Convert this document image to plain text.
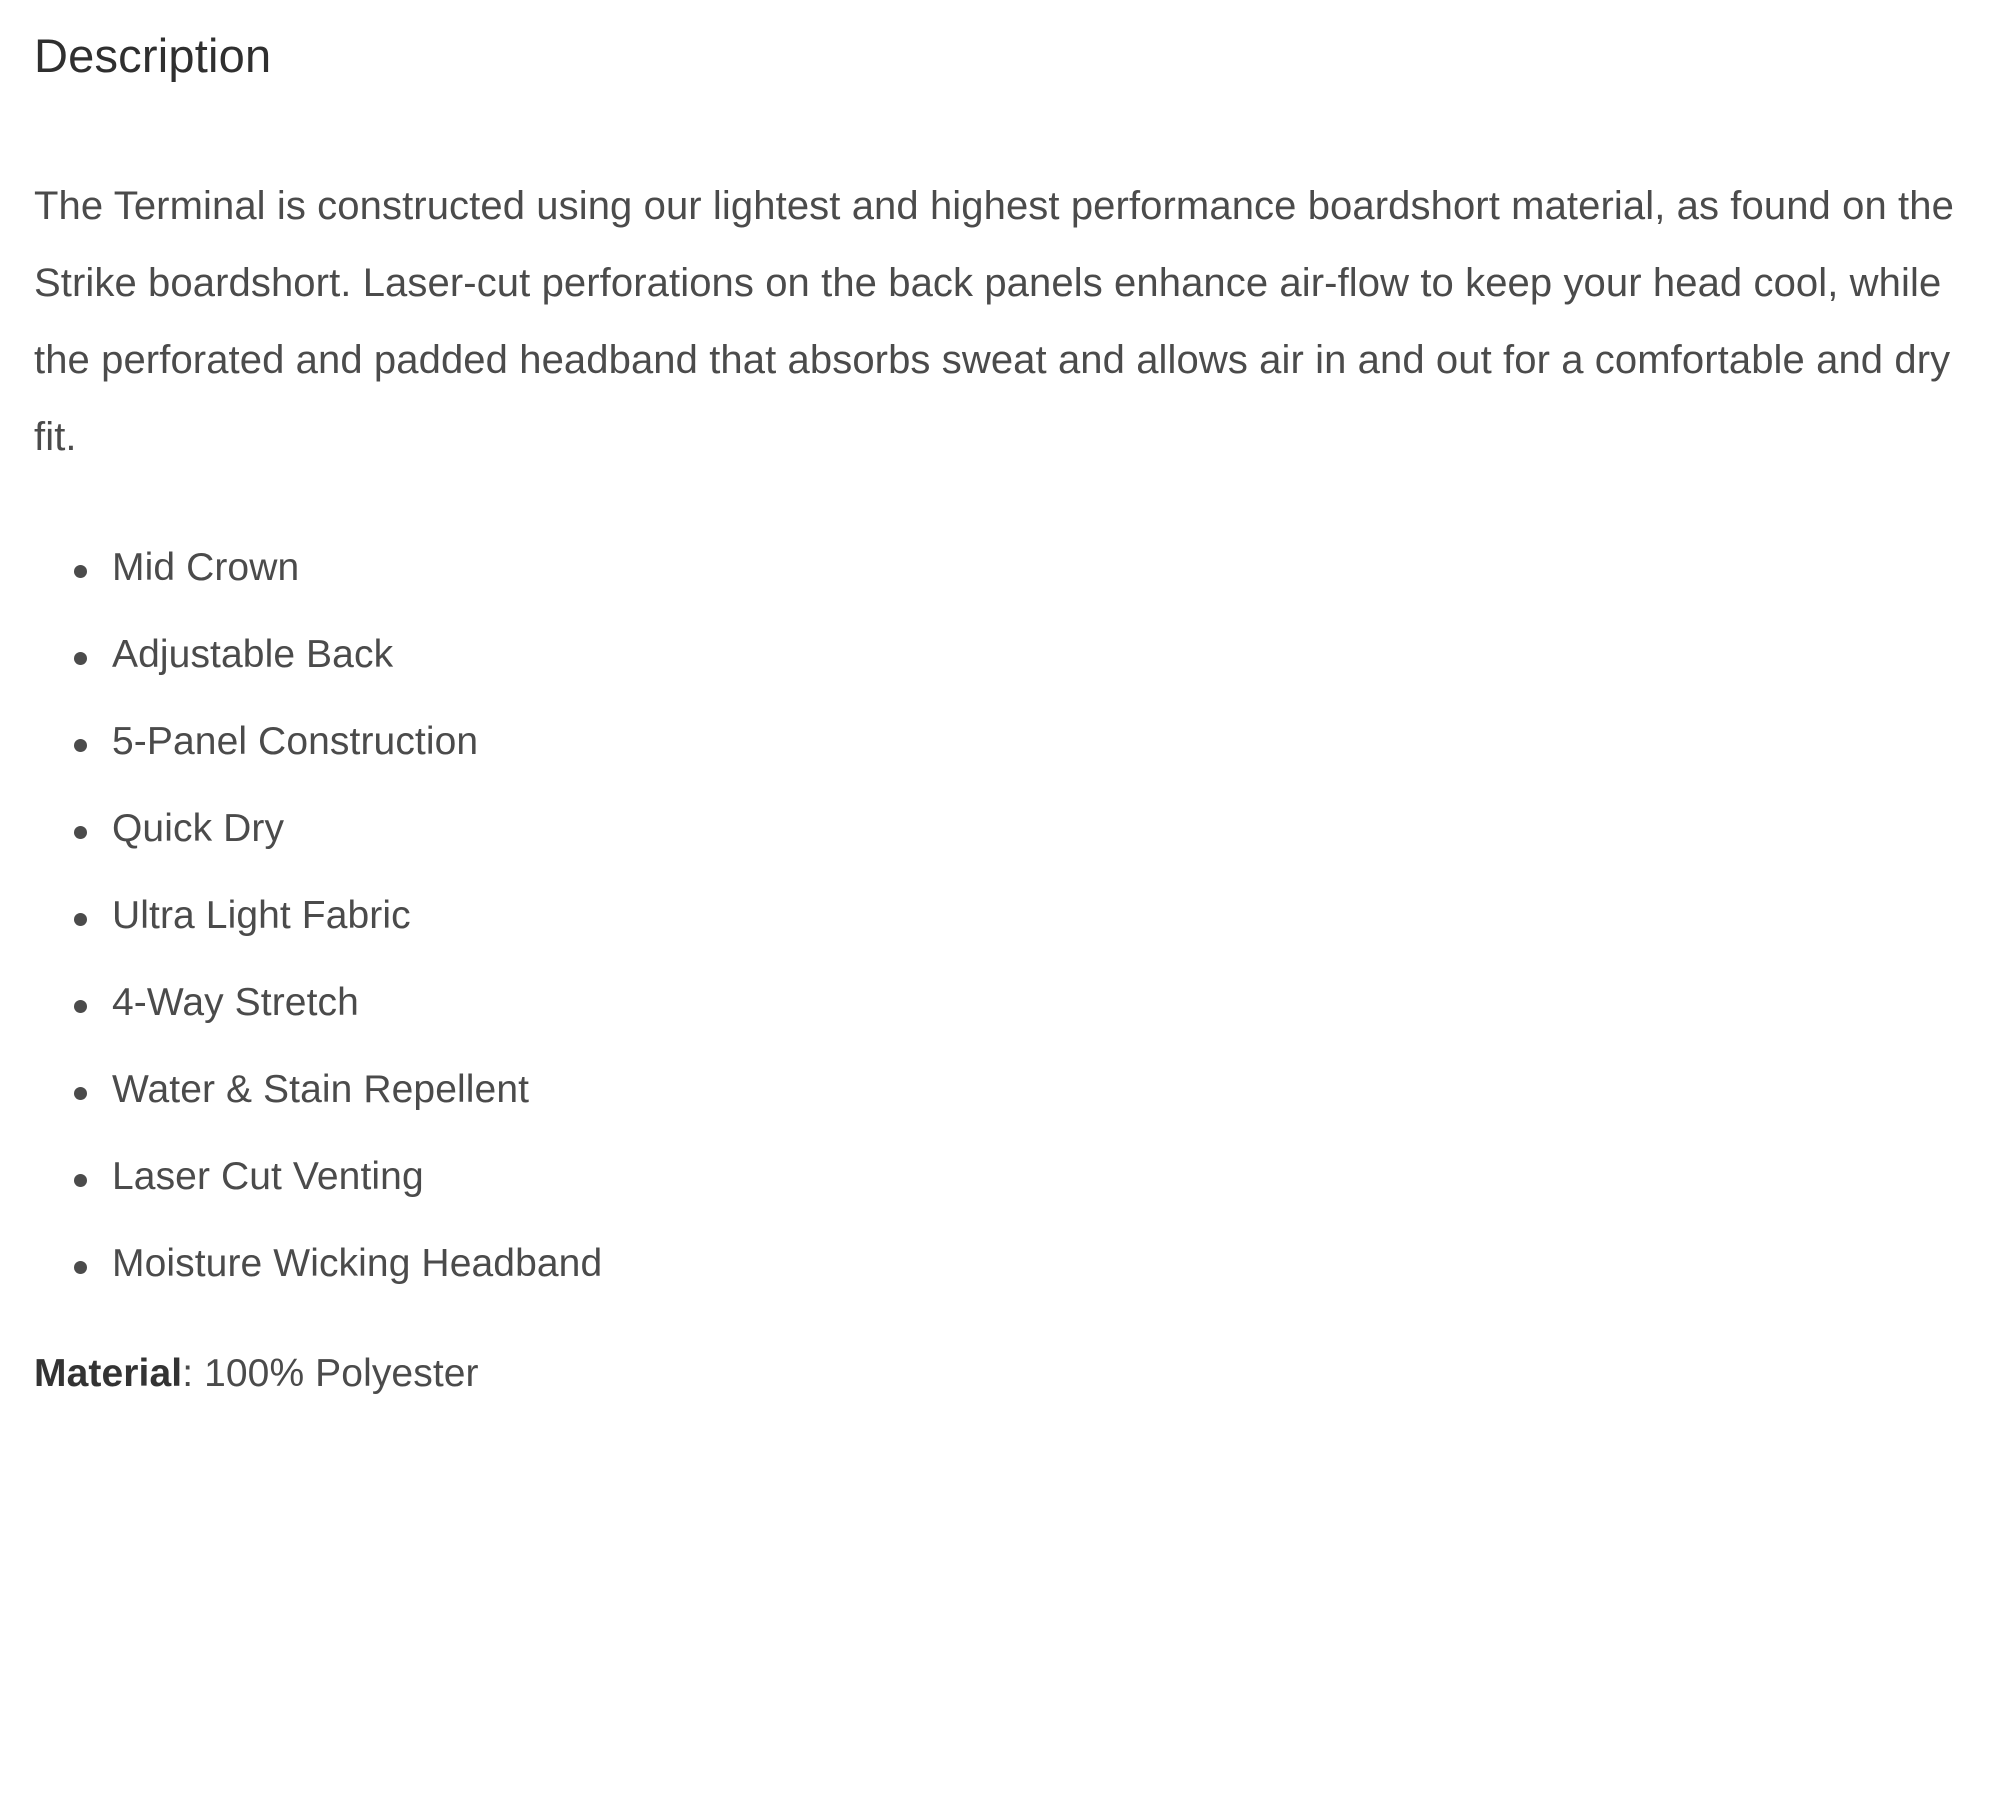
Description

The Terminal is constructed using our lightest and highest performance boardshort material, as found on the Strike boardshort. Laser-cut perforations on the back panels enhance air-flow to keep your head cool, while the perforated and padded headband that absorbs sweat and allows air in and out for a comfortable and dry fit.

Mid Crown
Adjustable Back
5-Panel Construction
Quick Dry
Ultra Light Fabric
4-Way Stretch
Water & Stain Repellent
Laser Cut Venting
Moisture Wicking Headband

Material: 100% Polyester
